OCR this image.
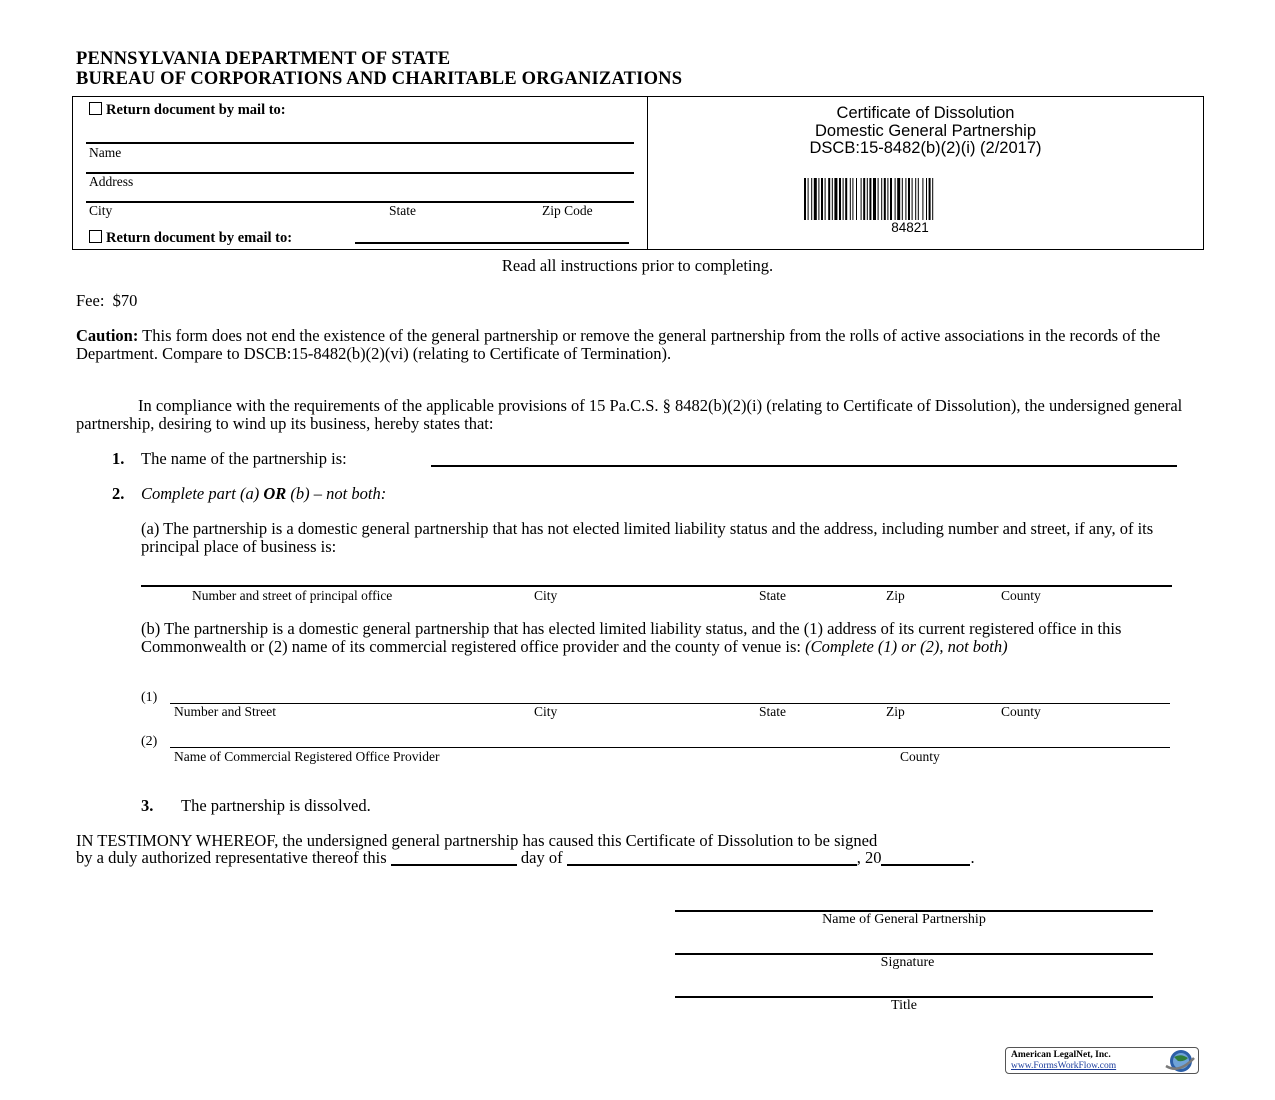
PENNSYLVANIA DEPARTMENT OF STATE
BUREAU OF CORPORATIONS AND CHARITABLE ORGANIZATIONS
Return document by mail to:
Name
Address
City	State	Zip Code
Return document by email to:
Certificate of Dissolution
Domestic General Partnership
DSCB:15-8482(b)(2)(i) (2/2017)
84821
Read all instructions prior to completing.
Fee:  $70
Caution: This form does not end the existence of the general partnership or remove the general partnership from the rolls of active associations in the records of the Department. Compare to DSCB:15-8482(b)(2)(vi) (relating to Certificate of Termination).
In compliance with the requirements of the applicable provisions of 15 Pa.C.S. § 8482(b)(2)(i) (relating to Certificate of Dissolution), the undersigned general partnership, desiring to wind up its business, hereby states that:
1. The name of the partnership is:
2. Complete part (a) OR (b) – not both:
(a) The partnership is a domestic general partnership that has not elected limited liability status and the address, including number and street, if any, of its principal place of business is:
Number and street of principal office	City	State	Zip	County
(b) The partnership is a domestic general partnership that has elected limited liability status, and the (1) address of its current registered office in this Commonwealth or (2) name of its commercial registered office provider and the county of venue is: (Complete (1) or (2), not both)
(1)
Number and Street	City	State	Zip	County
(2)
Name of Commercial Registered Office Provider	County
3. The partnership is dissolved.
IN TESTIMONY WHEREOF, the undersigned general partnership has caused this Certificate of Dissolution to be signed
by a duly authorized representative thereof this	day of	, 20	.
Name of General Partnership
Signature
Title
American LegalNet, Inc.
www.FormsWorkFlow.com
